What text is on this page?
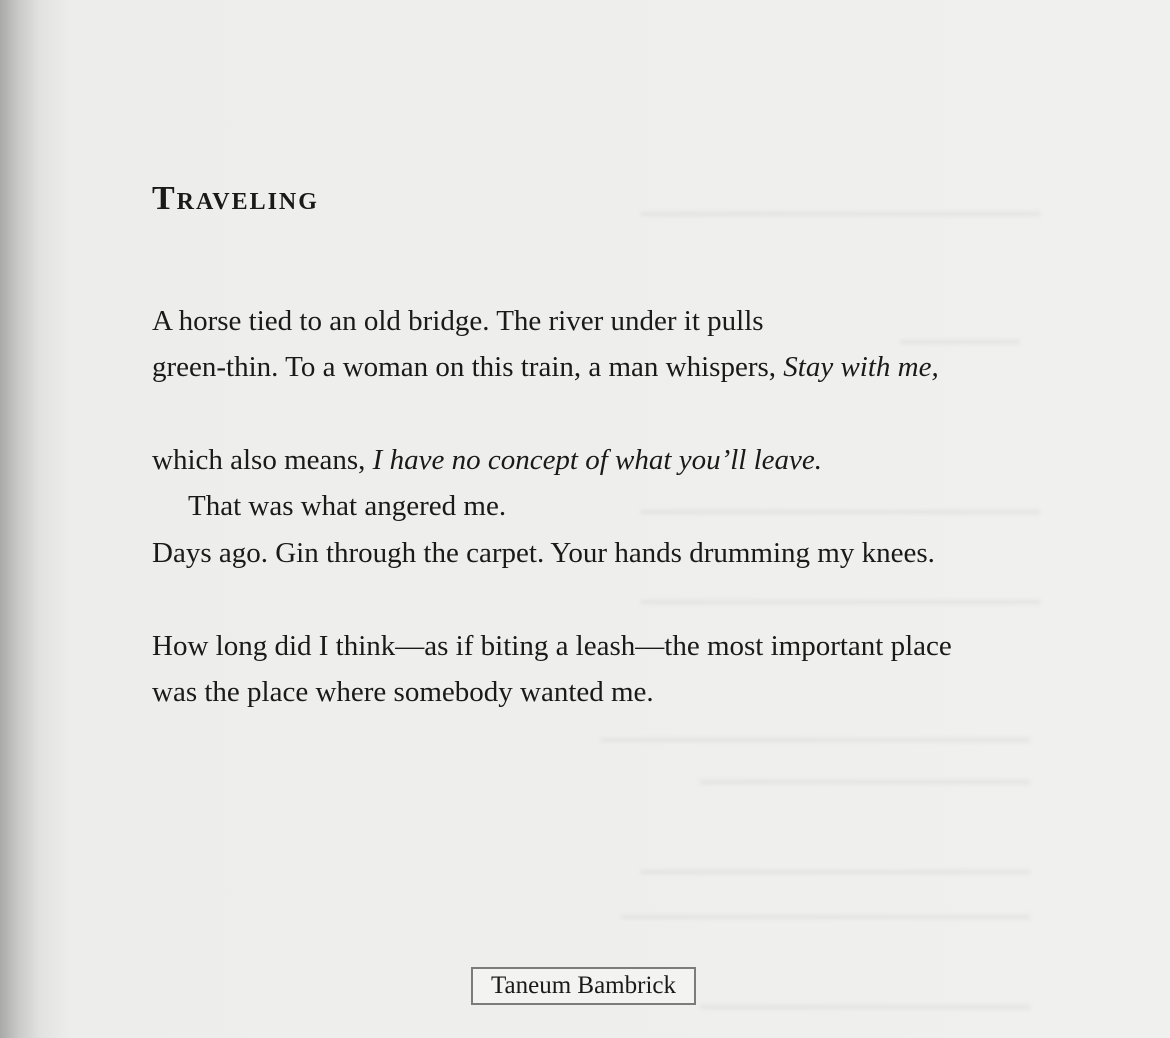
Traveling
A horse tied to an old bridge. The river under it pulls
green-thin. To a woman on this train, a man whispers, Stay with me,
which also means, I have no concept of what you’ll leave.
That was what angered me.
Days ago. Gin through the carpet. Your hands drumming my knees.
How long did I think—as if biting a leash—the most important place
was the place where somebody wanted me.
Taneum Bambrick
